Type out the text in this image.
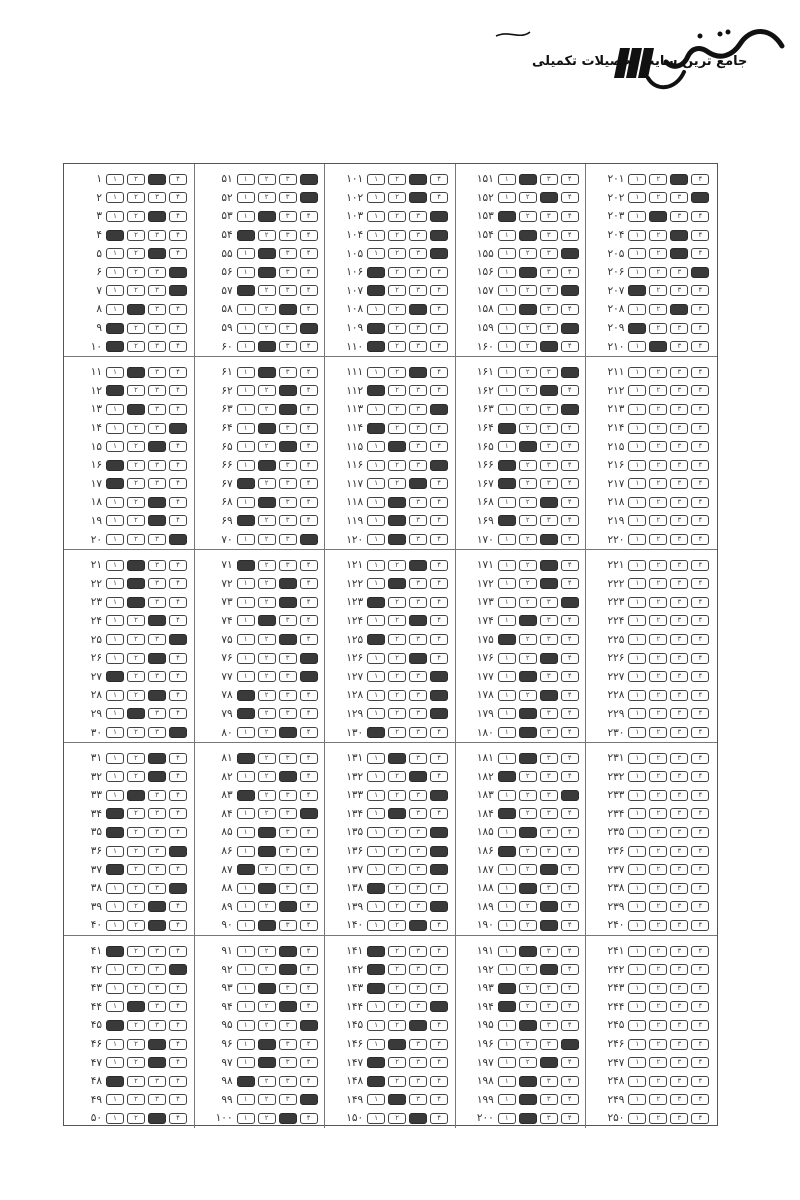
جامع ترین سایت تحصیلات تکمیلی
۱	۱	۲	۳	۴
۲	۱	۲	۳	۴
۳	۱	۲	۳	۴
۴	۱	۲	۳	۴
۵	۱	۲	۳	۴
۶	۱	۲	۳	۴
۷	۱	۲	۳	۴
۸	۱	۲	۳	۴
۹	۱	۲	۳	۴
۱۰	۱	۲	۳	۴
۵۱	۱	۲	۳	۴
۵۲	۱	۲	۳	۴
۵۳	۱	۲	۳	۴
۵۴	۱	۲	۳	۴
۵۵	۱	۲	۳	۴
۵۶	۱	۲	۳	۴
۵۷	۱	۲	۳	۴
۵۸	۱	۲	۳	۴
۵۹	۱	۲	۳	۴
۶۰	۱	۲	۳	۴
۱۰۱	۱	۲	۳	۴
۱۰۲	۱	۲	۳	۴
۱۰۳	۱	۲	۳	۴
۱۰۴	۱	۲	۳	۴
۱۰۵	۱	۲	۳	۴
۱۰۶	۱	۲	۳	۴
۱۰۷	۱	۲	۳	۴
۱۰۸	۱	۲	۳	۴
۱۰۹	۱	۲	۳	۴
۱۱۰	۱	۲	۳	۴
۱۵۱	۱	۲	۳	۴
۱۵۲	۱	۲	۳	۴
۱۵۳	۱	۲	۳	۴
۱۵۴	۱	۲	۳	۴
۱۵۵	۱	۲	۳	۴
۱۵۶	۱	۲	۳	۴
۱۵۷	۱	۲	۳	۴
۱۵۸	۱	۲	۳	۴
۱۵۹	۱	۲	۳	۴
۱۶۰	۱	۲	۳	۴
۲۰۱	۱	۲	۳	۴
۲۰۲	۱	۲	۳	۴
۲۰۳	۱	۲	۳	۴
۲۰۴	۱	۲	۳	۴
۲۰۵	۱	۲	۳	۴
۲۰۶	۱	۲	۳	۴
۲۰۷	۱	۲	۳	۴
۲۰۸	۱	۲	۳	۴
۲۰۹	۱	۲	۳	۴
۲۱۰	۱	۲	۳	۴
۱۱	۱	۲	۳	۴
۱۲	۱	۲	۳	۴
۱۳	۱	۲	۳	۴
۱۴	۱	۲	۳	۴
۱۵	۱	۲	۳	۴
۱۶	۱	۲	۳	۴
۱۷	۱	۲	۳	۴
۱۸	۱	۲	۳	۴
۱۹	۱	۲	۳	۴
۲۰	۱	۲	۳	۴
۶۱	۱	۲	۳	۴
۶۲	۱	۲	۳	۴
۶۳	۱	۲	۳	۴
۶۴	۱	۲	۳	۴
۶۵	۱	۲	۳	۴
۶۶	۱	۲	۳	۴
۶۷	۱	۲	۳	۴
۶۸	۱	۲	۳	۴
۶۹	۱	۲	۳	۴
۷۰	۱	۲	۳	۴
۱۱۱	۱	۲	۳	۴
۱۱۲	۱	۲	۳	۴
۱۱۳	۱	۲	۳	۴
۱۱۴	۱	۲	۳	۴
۱۱۵	۱	۲	۳	۴
۱۱۶	۱	۲	۳	۴
۱۱۷	۱	۲	۳	۴
۱۱۸	۱	۲	۳	۴
۱۱۹	۱	۲	۳	۴
۱۲۰	۱	۲	۳	۴
۱۶۱	۱	۲	۳	۴
۱۶۲	۱	۲	۳	۴
۱۶۳	۱	۲	۳	۴
۱۶۴	۱	۲	۳	۴
۱۶۵	۱	۲	۳	۴
۱۶۶	۱	۲	۳	۴
۱۶۷	۱	۲	۳	۴
۱۶۸	۱	۲	۳	۴
۱۶۹	۱	۲	۳	۴
۱۷۰	۱	۲	۳	۴
۲۱۱	۱	۲	۳	۴
۲۱۲	۱	۲	۳	۴
۲۱۳	۱	۲	۳	۴
۲۱۴	۱	۲	۳	۴
۲۱۵	۱	۲	۳	۴
۲۱۶	۱	۲	۳	۴
۲۱۷	۱	۲	۳	۴
۲۱۸	۱	۲	۳	۴
۲۱۹	۱	۲	۳	۴
۲۲۰	۱	۲	۳	۴
۲۱	۱	۲	۳	۴
۲۲	۱	۲	۳	۴
۲۳	۱	۲	۳	۴
۲۴	۱	۲	۳	۴
۲۵	۱	۲	۳	۴
۲۶	۱	۲	۳	۴
۲۷	۱	۲	۳	۴
۲۸	۱	۲	۳	۴
۲۹	۱	۲	۳	۴
۳۰	۱	۲	۳	۴
۷۱	۱	۲	۳	۴
۷۲	۱	۲	۳	۴
۷۳	۱	۲	۳	۴
۷۴	۱	۲	۳	۴
۷۵	۱	۲	۳	۴
۷۶	۱	۲	۳	۴
۷۷	۱	۲	۳	۴
۷۸	۱	۲	۳	۴
۷۹	۱	۲	۳	۴
۸۰	۱	۲	۳	۴
۱۲۱	۱	۲	۳	۴
۱۲۲	۱	۲	۳	۴
۱۲۳	۱	۲	۳	۴
۱۲۴	۱	۲	۳	۴
۱۲۵	۱	۲	۳	۴
۱۲۶	۱	۲	۳	۴
۱۲۷	۱	۲	۳	۴
۱۲۸	۱	۲	۳	۴
۱۲۹	۱	۲	۳	۴
۱۳۰	۱	۲	۳	۴
۱۷۱	۱	۲	۳	۴
۱۷۲	۱	۲	۳	۴
۱۷۳	۱	۲	۳	۴
۱۷۴	۱	۲	۳	۴
۱۷۵	۱	۲	۳	۴
۱۷۶	۱	۲	۳	۴
۱۷۷	۱	۲	۳	۴
۱۷۸	۱	۲	۳	۴
۱۷۹	۱	۲	۳	۴
۱۸۰	۱	۲	۳	۴
۲۲۱	۱	۲	۳	۴
۲۲۲	۱	۲	۳	۴
۲۲۳	۱	۲	۳	۴
۲۲۴	۱	۲	۳	۴
۲۲۵	۱	۲	۳	۴
۲۲۶	۱	۲	۳	۴
۲۲۷	۱	۲	۳	۴
۲۲۸	۱	۲	۳	۴
۲۲۹	۱	۲	۳	۴
۲۳۰	۱	۲	۳	۴
۳۱	۱	۲	۳	۴
۳۲	۱	۲	۳	۴
۳۳	۱	۲	۳	۴
۳۴	۱	۲	۳	۴
۳۵	۱	۲	۳	۴
۳۶	۱	۲	۳	۴
۳۷	۱	۲	۳	۴
۳۸	۱	۲	۳	۴
۳۹	۱	۲	۳	۴
۴۰	۱	۲	۳	۴
۸۱	۱	۲	۳	۴
۸۲	۱	۲	۳	۴
۸۳	۱	۲	۳	۴
۸۴	۱	۲	۳	۴
۸۵	۱	۲	۳	۴
۸۶	۱	۲	۳	۴
۸۷	۱	۲	۳	۴
۸۸	۱	۲	۳	۴
۸۹	۱	۲	۳	۴
۹۰	۱	۲	۳	۴
۱۳۱	۱	۲	۳	۴
۱۳۲	۱	۲	۳	۴
۱۳۳	۱	۲	۳	۴
۱۳۴	۱	۲	۳	۴
۱۳۵	۱	۲	۳	۴
۱۳۶	۱	۲	۳	۴
۱۳۷	۱	۲	۳	۴
۱۳۸	۱	۲	۳	۴
۱۳۹	۱	۲	۳	۴
۱۴۰	۱	۲	۳	۴
۱۸۱	۱	۲	۳	۴
۱۸۲	۱	۲	۳	۴
۱۸۳	۱	۲	۳	۴
۱۸۴	۱	۲	۳	۴
۱۸۵	۱	۲	۳	۴
۱۸۶	۱	۲	۳	۴
۱۸۷	۱	۲	۳	۴
۱۸۸	۱	۲	۳	۴
۱۸۹	۱	۲	۳	۴
۱۹۰	۱	۲	۳	۴
۲۳۱	۱	۲	۳	۴
۲۳۲	۱	۲	۳	۴
۲۳۳	۱	۲	۳	۴
۲۳۴	۱	۲	۳	۴
۲۳۵	۱	۲	۳	۴
۲۳۶	۱	۲	۳	۴
۲۳۷	۱	۲	۳	۴
۲۳۸	۱	۲	۳	۴
۲۳۹	۱	۲	۳	۴
۲۴۰	۱	۲	۳	۴
۴۱	۱	۲	۳	۴
۴۲	۱	۲	۳	۴
۴۳	۱	۲	۳	۴
۴۴	۱	۲	۳	۴
۴۵	۱	۲	۳	۴
۴۶	۱	۲	۳	۴
۴۷	۱	۲	۳	۴
۴۸	۱	۲	۳	۴
۴۹	۱	۲	۳	۴
۵۰	۱	۲	۳	۴
۹۱	۱	۲	۳	۴
۹۲	۱	۲	۳	۴
۹۳	۱	۲	۳	۴
۹۴	۱	۲	۳	۴
۹۵	۱	۲	۳	۴
۹۶	۱	۲	۳	۴
۹۷	۱	۲	۳	۴
۹۸	۱	۲	۳	۴
۹۹	۱	۲	۳	۴
۱۰۰	۱	۲	۳	۴
۱۴۱	۱	۲	۳	۴
۱۴۲	۱	۲	۳	۴
۱۴۳	۱	۲	۳	۴
۱۴۴	۱	۲	۳	۴
۱۴۵	۱	۲	۳	۴
۱۴۶	۱	۲	۳	۴
۱۴۷	۱	۲	۳	۴
۱۴۸	۱	۲	۳	۴
۱۴۹	۱	۲	۳	۴
۱۵۰	۱	۲	۳	۴
۱۹۱	۱	۲	۳	۴
۱۹۲	۱	۲	۳	۴
۱۹۳	۱	۲	۳	۴
۱۹۴	۱	۲	۳	۴
۱۹۵	۱	۲	۳	۴
۱۹۶	۱	۲	۳	۴
۱۹۷	۱	۲	۳	۴
۱۹۸	۱	۲	۳	۴
۱۹۹	۱	۲	۳	۴
۲۰۰	۱	۲	۳	۴
۲۴۱	۱	۲	۳	۴
۲۴۲	۱	۲	۳	۴
۲۴۳	۱	۲	۳	۴
۲۴۴	۱	۲	۳	۴
۲۴۵	۱	۲	۳	۴
۲۴۶	۱	۲	۳	۴
۲۴۷	۱	۲	۳	۴
۲۴۸	۱	۲	۳	۴
۲۴۹	۱	۲	۳	۴
۲۵۰	۱	۲	۳	۴
